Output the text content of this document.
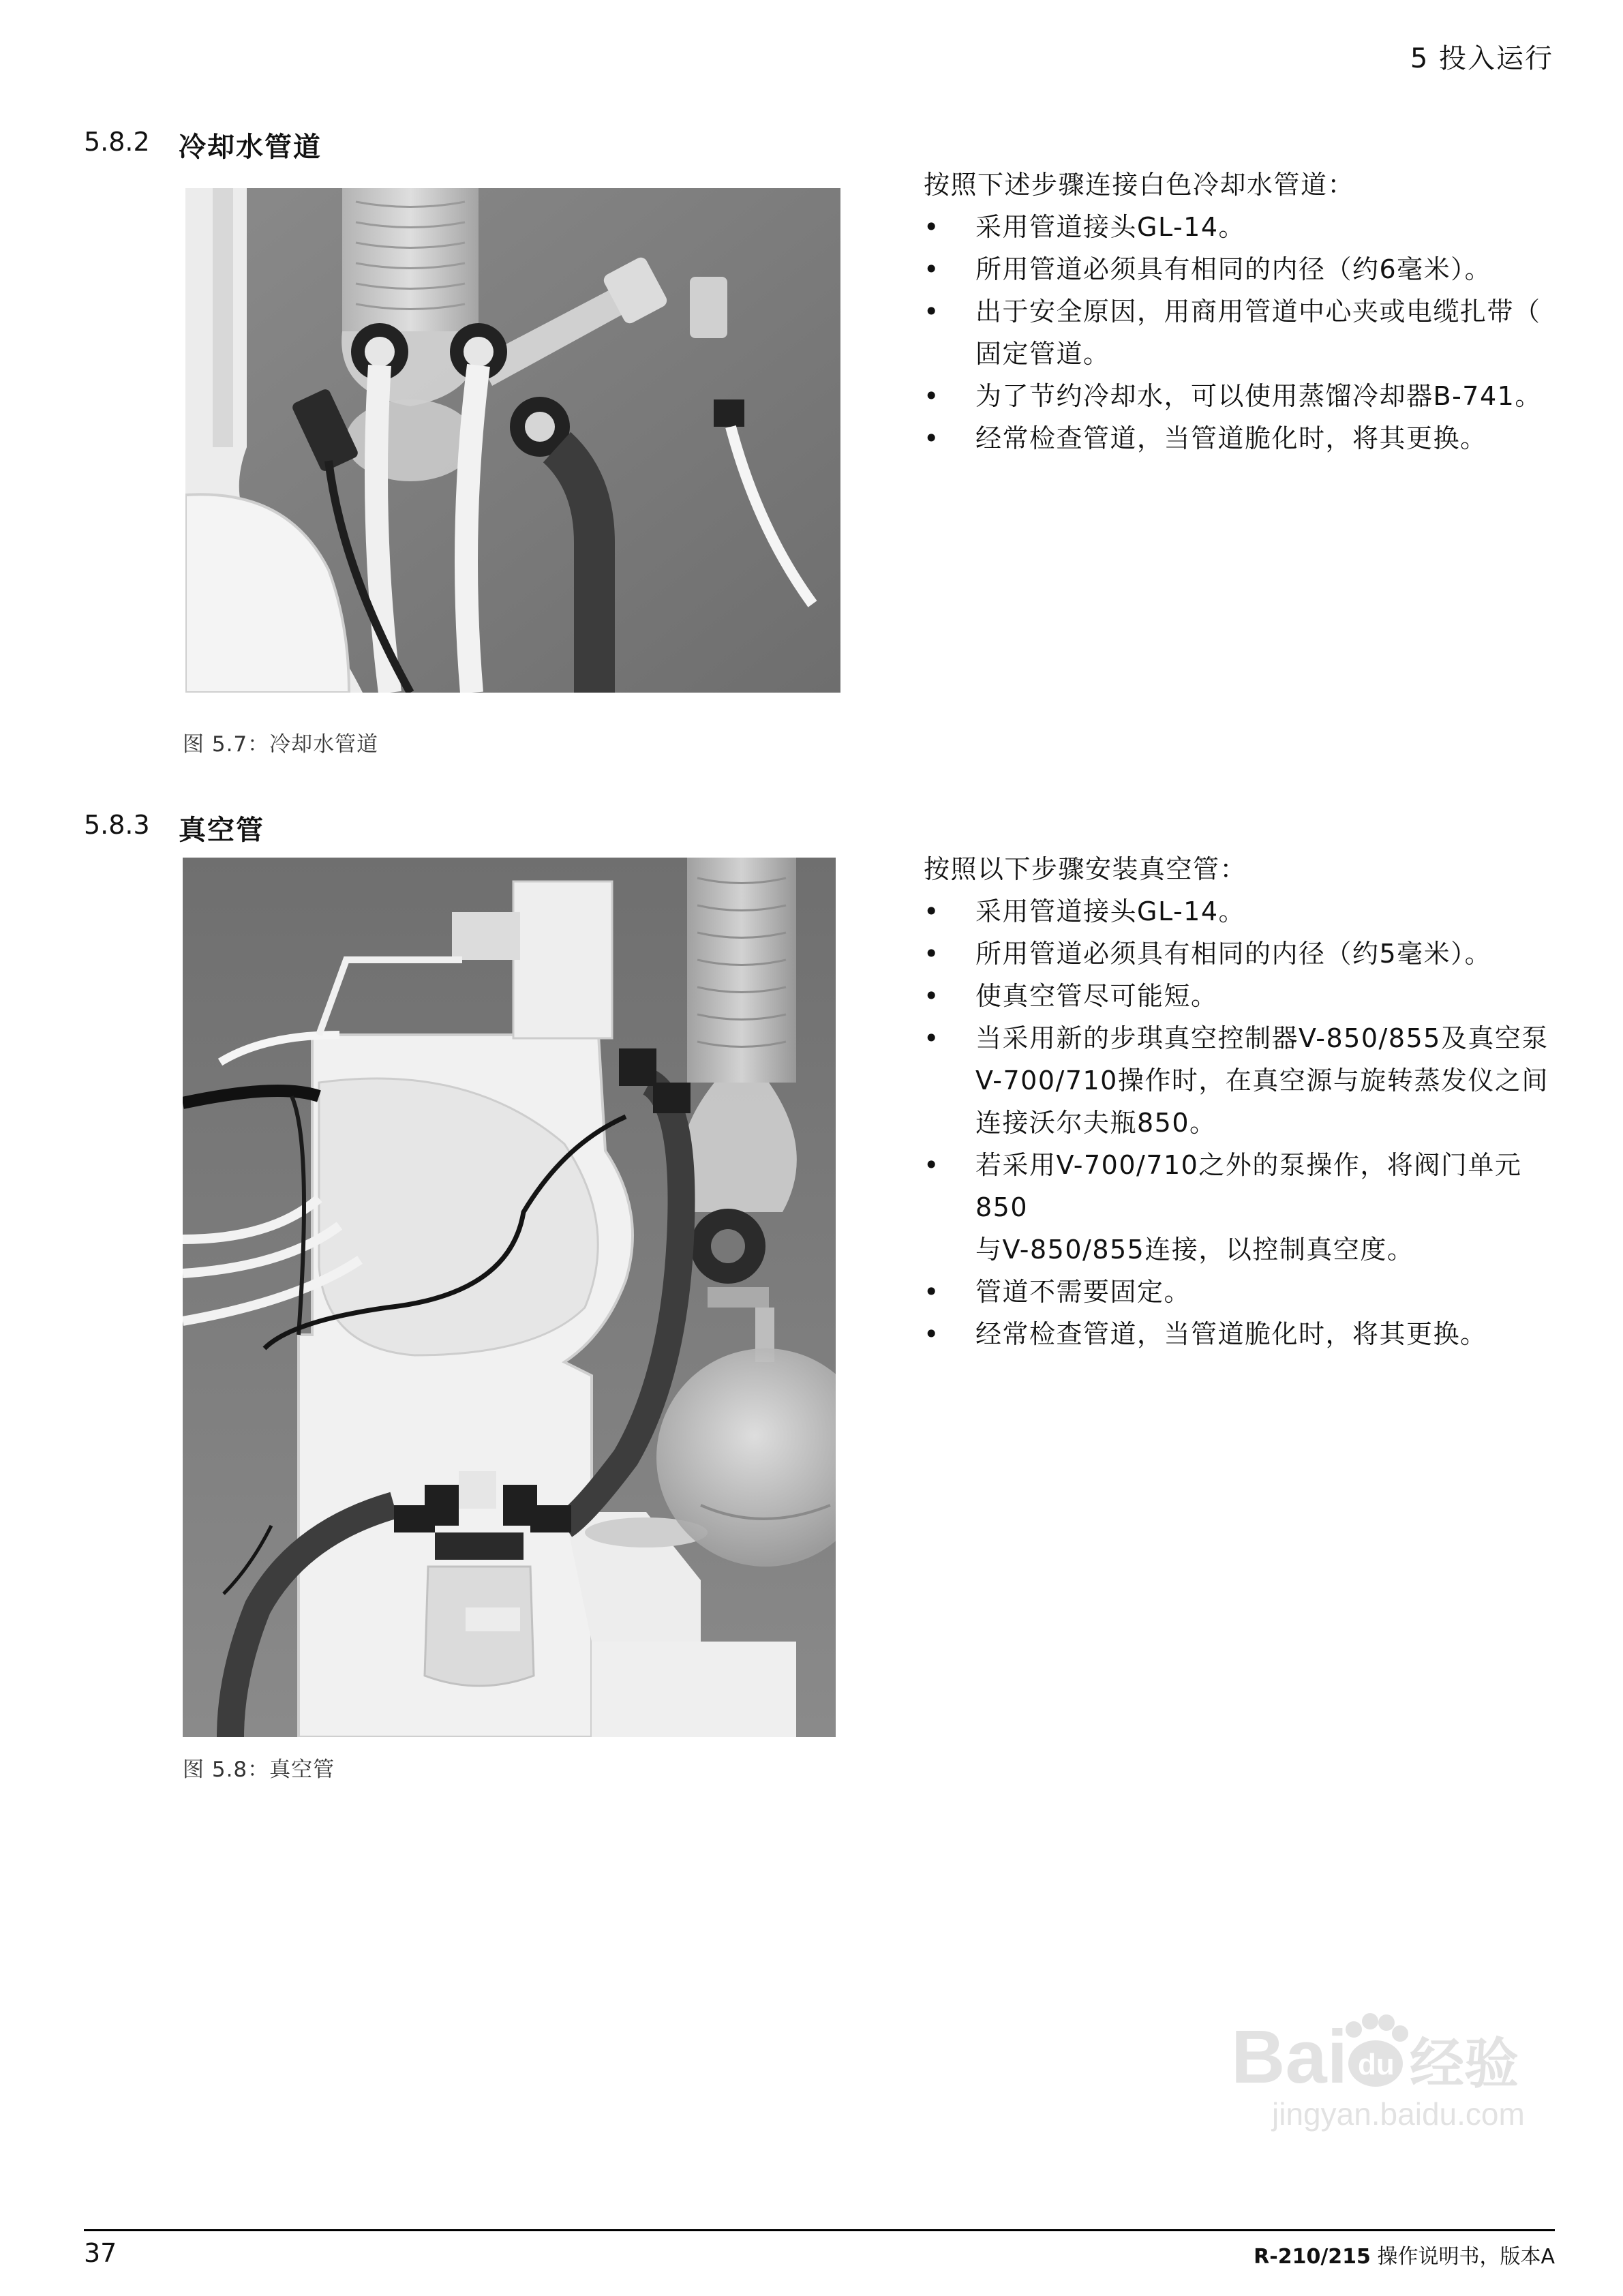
5 投入运行
5.8.2 冷却水管道
图 5.7：冷却水管道
按照下述步骤连接白色冷却水管道：
• 采用管道接头GL-14。
• 所用管道必须具有相同的内径（约6毫米）。
• 出于安全原因，用商用管道中心夹或电缆扎带（
固定管道。
• 为了节约冷却水，可以使用蒸馏冷却器B-741。
• 经常检查管道，当管道脆化时，将其更换。
5.8.3 真空管
图 5.8：真空管
按照以下步骤安装真空管：
• 采用管道接头GL-14。
• 所用管道必须具有相同的内径（约5毫米）。
• 使真空管尽可能短。
• 当采用新的步琪真空控制器V-850/855及真空泵
V-700/710操作时，在真空源与旋转蒸发仪之间
连接沃尔夫瓶850。
• 若采用V-700/710之外的泵操作，将阀门单元850
与V-850/855连接，以控制真空度。
• 管道不需要固定。
• 经常检查管道，当管道脆化时，将其更换。
Bai du 经验
jingyan.baidu.com
37	R-210/215 操作说明书，版本A
